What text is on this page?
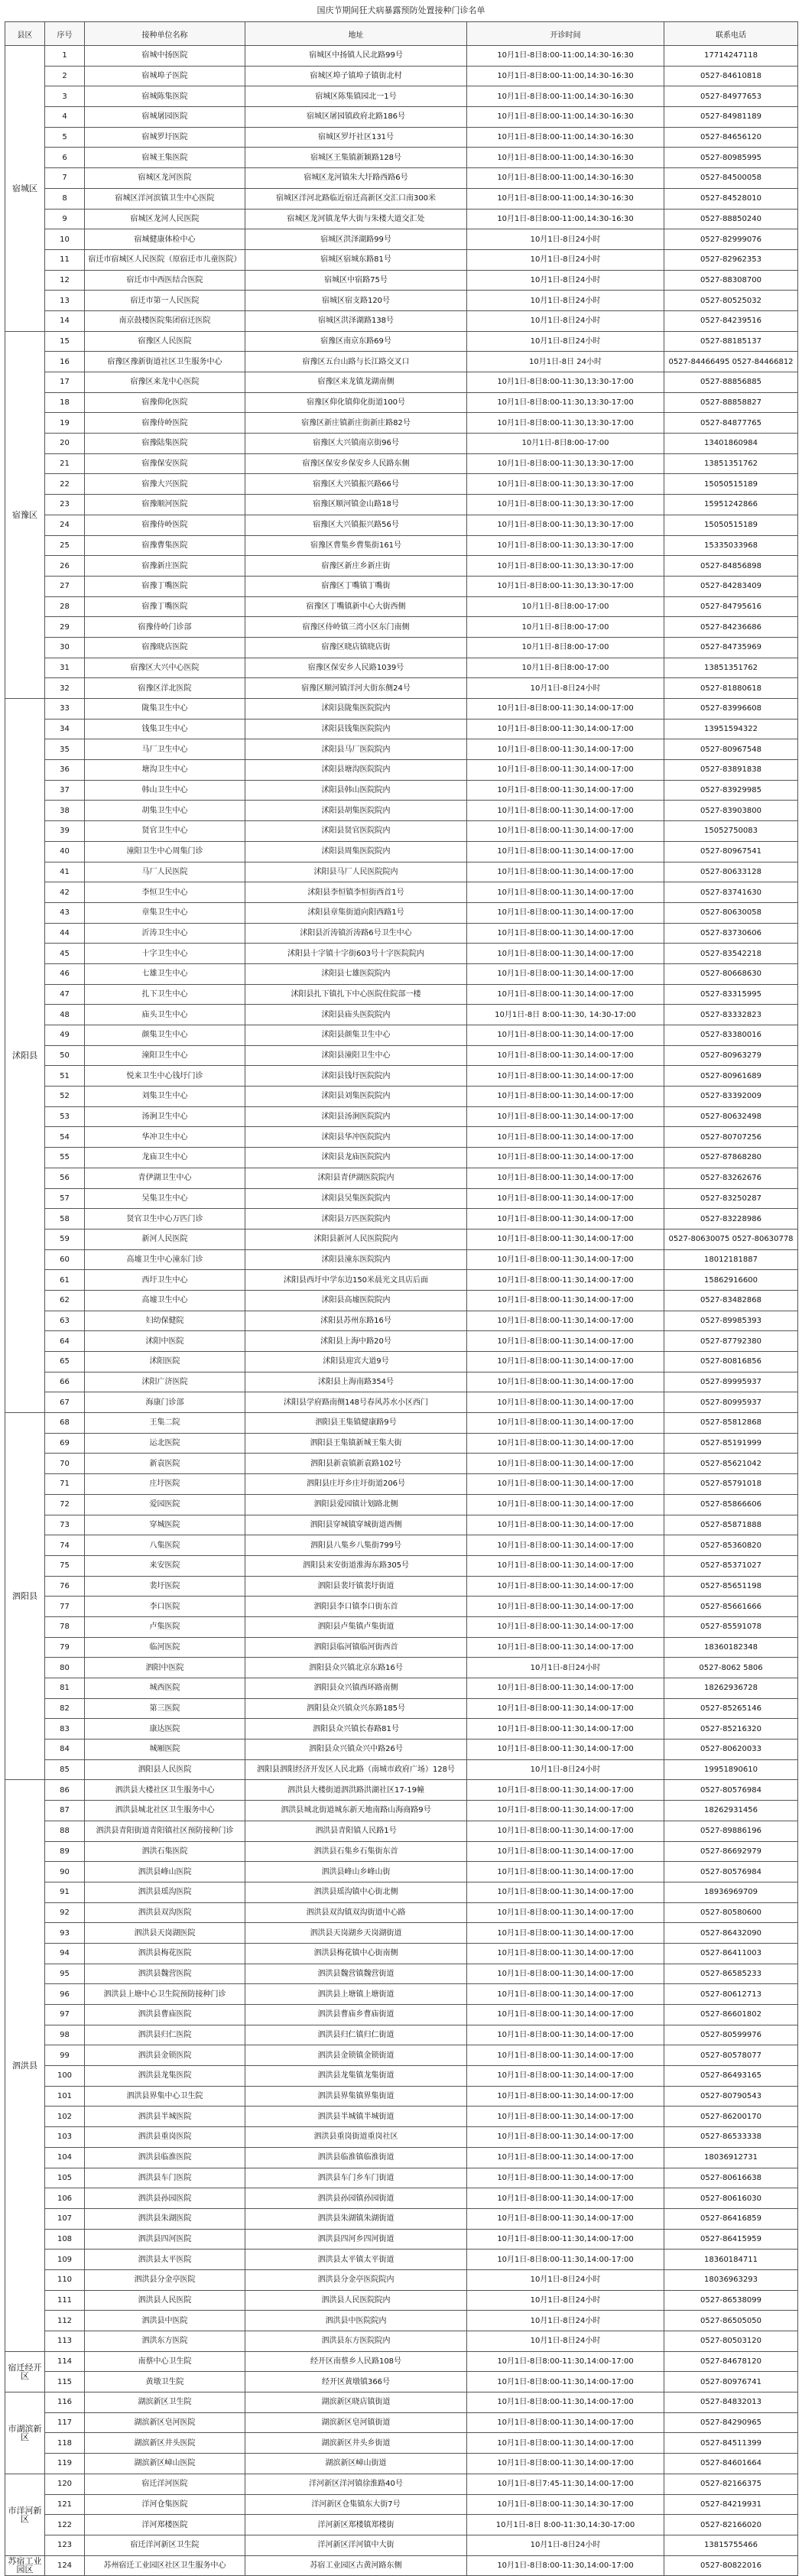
国庆节期间狂犬病暴露预防处置接种门诊名单
县区	序号	接种单位名称	地址	开诊时间	联系电话
宿城区	1	宿城中扬医院	宿城区中扬镇人民北路99号	10月1日-8日8:00-11:00,14:30-16:30	17714247118
	2	宿城埠子医院	宿城区埠子镇埠子镇街北村	10月1日-8日8:00-11:00,14:30-16:30	0527-84610818
	3	宿城陈集医院	宿城区陈集镇园北一1号	10月1日-8日8:00-11:00,14:30-16:30	0527-84977653
	4	宿城屠园医院	宿城区屠园镇政府北路186号	10月1日-8日8:00-11:00,14:30-16:30	0527-84981189
	5	宿城罗圩医院	宿城区罗圩社区131号	10月1日-8日8:00-11:00,14:30-16:30	0527-84656120
	6	宿城王集医院	宿城区王集镇新颖路128号	10月1日-8日8:00-11:00,14:30-16:30	0527-80985995
	7	宿城区龙河医院	宿城区龙河镇朱大圩路西路6号	10月1日-8日8:00-11:00,14:30-16:30	0527-84500058
	8	宿城区洋河滨镇卫生中心医院	宿城区洋河北路临近宿迁高新区交汇口南300米	10月1日-8日8:00-11:00,14:30-16:30	0527-84528010
	9	宿城区龙河人民医院	宿城区龙河镇龙华大街与朱楼大道交汇处	10月1日-8日8:00-11:00,14:30-16:30	0527-88850240
	10	宿城健康体检中心	宿城区洪泽湖路99号	10月1日-8日24小时	0527-82999076
	11	宿迁市宿城区人民医院（原宿迁市儿童医院）	宿城区宿城东路81号	10月1日-8日24小时	0527-82962353
	12	宿迁市中西医结合医院	宿城区中宿路75号	10月1日-8日24小时	0527-88308700
	13	宿迁市第一人民医院	宿城区宿支路120号	10月1日-8日24小时	0527-80525032
	14	南京鼓楼医院集团宿迁医院	宿城区洪泽湖路138号	10月1日-8日24小时	0527-84239516
宿豫区	15	宿豫区人民医院	宿豫区南京东路69号	10月1日-8日24小时	0527-88185137
	16	宿豫区豫新街道社区卫生服务中心	宿豫区五台山路与长江路交叉口	10月1日-8日 24小时	0527-84466495 0527-84466812
	17	宿豫区来龙中心医院	宿豫区来龙镇龙湖南侧	10月1日-8日8:00-11:30,13:30-17:00	0527-88856885
	18	宿豫仰化医院	宿豫区仰化镇仰化街道100号	10月1日-8日8:00-11:30,13:30-17:00	0527-88858827
	19	宿豫侍岭医院	宿豫区新庄镇新庄街新庄路82号	10月1日-8日8:00-11:30,13:30-17:00	0527-84877765
	20	宿豫陆集医院	宿豫区大兴镇南京街96号	10月1日-8日8:00-17:00	13401860984
	21	宿豫保安医院	宿豫区保安乡保安乡人民路东侧	10月1日-8日8:00-11:30,13:30-17:00	13851351762
	22	宿豫大兴医院	宿豫区大兴镇振兴路66号	10月1日-8日8:00-11:30,13:30-17:00	15050515189
	23	宿豫顺河医院	宿豫区顺河镇金山路18号	10月1日-8日8:00-11:30,13:30-17:00	15951242866
	24	宿豫侍岭医院	宿豫区大兴镇振兴路56号	10月1日-8日8:00-11:30,13:30-17:00	15050515189
	25	宿豫曹集医院	宿豫区曹集乡曹集街161号	10月1日-8日8:00-11:30,13:30-17:00	15335033968
	26	宿豫新庄医院	宿豫区新庄乡新庄街	10月1日-8日8:00-11:30,13:30-17:00	0527-84856898
	27	宿豫丁嘴医院	宿豫区丁嘴镇丁嘴街	10月1日-8日8:00-11:30,13:30-17:00	0527-84283409
	28	宿豫丁嘴医院	宿豫区丁嘴镇新中心大街西侧	10月1日-8日8:00-17:00	0527-84795616
	29	宿豫侍岭门诊部	宿豫区侍岭镇三湾小区东门南侧	10月1日-8日8:00-17:00	0527-84236686
	30	宿豫晓店医院	宿豫区晓店镇晓店街	10月1日-8日8:00-17:00	0527-84735969
	31	宿豫区大兴中心医院	宿豫区保安乡人民路1039号	10月1日-8日8:00-17:00	13851351762
	32	宿豫区洋北医院	宿豫区顺河镇洋河大街东侧24号	10月1日-8日24小时	0527-81880618
沭阳县	33	陇集卫生中心	沭阳县陇集医院院内	10月1日-8日8:00-11:30,14:00-17:00	0527-83996608
	34	钱集卫生中心	沭阳县钱集医院院内	10月1日-8日8:00-11:30,14:00-17:00	13951594322
	35	马厂卫生中心	沭阳县马厂医院院内	10月1日-8日8:00-11:30,14:00-17:00	0527-80967548
	36	塘沟卫生中心	沭阳县塘沟医院院内	10月1日-8日8:00-11:30,14:00-17:00	0527-83891838
	37	韩山卫生中心	沭阳县韩山医院院内	10月1日-8日8:00-11:30,14:00-17:00	0527-83929985
	38	胡集卫生中心	沭阳县胡集医院院内	10月1日-8日8:00-11:30,14:00-17:00	0527-83903800
	39	贤官卫生中心	沭阳县贤官医院院内	10月1日-8日8:00-11:30,14:00-17:00	15052750083
	40	潼阳卫生中心周集门诊	沭阳县周集医院院内	10月1日-8日8:00-11:30,14:00-17:00	0527-80967541
	41	马厂人民医院	沭阳县马厂人民医院院内	10月1日-8日8:00-11:30,14:00-17:00	0527-80633128
	42	李恒卫生中心	沭阳县李恒镇李恒街西首1号	10月1日-8日8:00-11:30,14:00-17:00	0527-83741630
	43	章集卫生中心	沭阳县章集街道向阳西路1号	10月1日-8日8:00-11:30,14:00-17:00	0527-80630058
	44	沂涛卫生中心	沭阳县沂涛镇沂涛路6号卫生中心	10月1日-8日8:00-11:30,14:00-17:00	0527-83730606
	45	十字卫生中心	沭阳县十字镇十字街603号十字医院院内	10月1日-8日8:00-11:30,14:00-17:00	0527-83542218
	46	七雄卫生中心	沭阳县七雄医院院内	10月1日-8日8:00-11:30,14:00-17:00	0527-80668630
	47	扎下卫生中心	沭阳县扎下镇扎下中心医院住院部一楼	10月1日-8日8:00-11:30,14:00-17:00	0527-83315995
	48	庙头卫生中心	沭阳县庙头医院院内	10月1日-8日 8:00-11:30, 14:30-17:00	0527-83332823
	49	颜集卫生中心	沭阳县颜集卫生中心	10月1日-8日8:00-11:30,14:00-17:00	0527-83380016
	50	潼阳卫生中心	沭阳县潼阳卫生中心	10月1日-8日8:00-11:30,14:00-17:00	0527-80963279
	51	悦来卫生中心钱圩门诊	沭阳县钱圩医院院内	10月1日-8日8:00-11:30,14:00-17:00	0527-80961689
	52	刘集卫生中心	沭阳县刘集医院院内	10月1日-8日8:00-11:30,14:00-17:00	0527-83392009
	53	汤涧卫生中心	沭阳县汤涧医院院内	10月1日-8日8:00-11:30,14:00-17:00	0527-80632498
	54	华冲卫生中心	沭阳县华冲医院院内	10月1日-8日8:00-11:30,14:00-17:00	0527-80707256
	55	龙庙卫生中心	沭阳县龙庙医院院内	10月1日-8日8:00-11:30,14:00-17:00	0527-87868280
	56	青伊湖卫生中心	沭阳县青伊湖医院院内	10月1日-8日8:00-11:30,14:00-17:00	0527-83262676
	57	吴集卫生中心	沭阳县吴集医院院内	10月1日-8日8:00-11:30,14:00-17:00	0527-83250287
	58	贤官卫生中心万匹门诊	沭阳县万匹医院院内	10月1日-8日8:00-11:30,14:00-17:00	0527-83228986
	59	新河人民医院	沭阳县新河人民医院院内	10月1日-8日8:00-11:30,14:00-17:00	0527-80630075 0527-80630778
	60	高墟卫生中心潼东门诊	沭阳县潼东医院院内	10月1日-8日8:00-11:30,14:00-17:00	18012181887
	61	西圩卫生中心	沭阳县西圩中学东边150米晨光文具店后面	10月1日-8日8:00-11:30,14:00-17:00	15862916600
	62	高墟卫生中心	沭阳县高墟医院院内	10月1日-8日8:00-11:30,14:00-17:00	0527-83482868
	63	妇幼保健院	沭阳县苏州东路16号	10月1日-8日8:00-11:30,14:00-17:00	0527-89985393
	64	沭阳中医院	沭阳县上海中路20号	10月1日-8日8:00-11:30,14:00-17:00	0527-87792380
	65	沭阳医院	沭阳县迎宾大道9号	10月1日-8日8:00-11:30,14:00-17:00	0527-80816856
	66	沭阳广济医院	沭阳县上海南路354号	10月1日-8日8:00-11:30,14:00-17:00	0527-89995937
	67	海康门诊部	沭阳县学府路南侧148号春风苏水小区西门	10月1日-8日8:00-11:30,14:00-17:00	0527-80995937
泗阳县	68	王集二院	泗阳县王集镇健康路9号	10月1日-8日8:00-11:30,14:00-17:00	0527-85812868
	69	运北医院	泗阳县王集镇新城王集大街	10月1日-8日8:00-11:30,14:00-17:00	0527-85191999
	70	新袁医院	泗阳县新袁镇新袁路102号	10月1日-8日8:00-11:30,14:00-17:00	0527-85621042
	71	庄圩医院	泗阳县庄圩乡庄圩街道206号	10月1日-8日8:00-11:30,14:00-17:00	0527-85791018
	72	爱园医院	泗阳县爱园镇计划路北侧	10月1日-8日8:00-11:30,14:00-17:00	0527-85866606
	73	穿城医院	泗阳县穿城镇穿城街道西侧	10月1日-8日8:00-11:30,14:00-17:00	0527-85871888
	74	八集医院	泗阳县八集乡八集街799号	10月1日-8日8:00-11:30,14:00-17:00	0527-85360820
	75	来安医院	泗阳县来安街道淮海东路305号	10月1日-8日8:00-11:30,14:00-17:00	0527-85371027
	76	裴圩医院	泗阳县裴圩镇裴圩街道	10月1日-8日8:00-11:30,14:00-17:00	0527-85651198
	77	李口医院	泗阳县李口镇李口街东首	10月1日-8日8:00-11:30,14:00-17:00	0527-85661666
	78	卢集医院	泗阳县卢集镇卢集街道	10月1日-8日8:00-11:30,14:00-17:00	0527-85591078
	79	临河医院	泗阳县临河镇临河街西首	10月1日-8日8:00-11:30,14:00-17:00	18360182348
	80	泗阳中医院	泗阳县众兴镇北京东路16号	10月1日-8日24小时	0527-8062 5806
	81	城西医院	泗阳县众兴镇西环路南侧	10月1日-8日8:00-11:30,14:00-17:00	18262936728
	82	第三医院	泗阳县众兴镇众兴东路185号	10月1日-8日8:00-11:30,14:00-17:00	0527-85265146
	83	康达医院	泗阳县众兴镇长春路81号	10月1日-8日8:00-11:30,14:00-17:00	0527-85216320
	84	城厢医院	泗阳县众兴镇众兴中路26号	10月1日-8日8:00-11:30,14:00-17:00	0527-80620033
	85	泗阳县人民医院	泗阳县泗阳经济开发区人民北路（南城市政府广场）128号	10月1日-8日24小时	19951890610
泗洪县	86	泗洪县大楼社区卫生服务中心	泗洪县大楼街道泗洪路洪湖社区17-19幢	10月1日-8日8:00-11:30,14:00-17:00	0527-80576984
	87	泗洪县城北社区卫生服务中心	泗洪县城北街道城东新天地南路山海商路9号	10月1日-8日8:00-11:30,14:00-17:00	18262931456
	88	泗洪县青阳街道青阳镇社区预防接种门诊	泗洪县青阳镇人民路1号	10月1日-8日8:00-11:30,14:00-17:00	0527-89886196
	89	泗洪石集医院	泗洪县石集乡石集街东首	10月1日-8日8:00-11:30,14:00-17:00	0527-86692979
	90	泗洪县峰山医院	泗洪县峰山乡峰山街	10月1日-8日8:00-11:30,14:00-17:00	0527-80576984
	91	泗洪县瑶沟医院	泗洪县瑶沟镇中心街北侧	10月1日-8日8:00-11:30,14:00-17:00	18936969709
	92	泗洪县双沟医院	泗洪县双沟镇双沟街道中心路	10月1日-8日8:00-11:30,14:00-17:00	0527-80580600
	93	泗洪县天岗湖医院	泗洪县天岗湖乡天岗湖街道	10月1日-8日8:00-11:30,14:00-17:00	0527-86432090
	94	泗洪县梅花医院	泗洪县梅花镇中心街南侧	10月1日-8日8:00-11:30,14:00-17:00	0527-86411003
	95	泗洪县魏营医院	泗洪县魏营镇魏营街道	10月1日-8日8:00-11:30,14:00-17:00	0527-86585233
	96	泗洪县上塘中心卫生院预防接种门诊	泗洪县上塘镇上塘街道	10月1日-8日8:00-11:30,14:00-17:00	0527-80612713
	97	泗洪县曹庙医院	泗洪县曹庙乡曹庙街道	10月1日-8日8:00-11:30,14:00-17:00	0527-86601802
	98	泗洪县归仁医院	泗洪县归仁镇归仁街道	10月1日-8日8:00-11:30,14:00-17:00	0527-80599976
	99	泗洪县金锁医院	泗洪县金锁镇金锁街道	10月1日-8日8:00-11:30,14:00-17:00	0527-80578077
	100	泗洪县龙集医院	泗洪县龙集镇龙集街道	10月1日-8日8:00-11:30,14:00-17:00	0527-86493165
	101	泗洪县界集中心卫生院	泗洪县界集镇界集街道	10月1日-8日8:00-11:30,14:00-17:00	0527-80790543
	102	泗洪县半城医院	泗洪县半城镇半城街道	10月1日-8日8:00-11:30,14:00-17:00	0527-86200170
	103	泗洪县重岗医院	泗洪县重岗街道重岗社区	10月1日-8日8:00-11:30,14:00-17:00	0527-86533338
	104	泗洪县临淮医院	泗洪县临淮镇临淮街道	10月1日-8日8:00-11:30,14:00-17:00	18036912731
	105	泗洪县车门医院	泗洪县车门乡车门街道	10月1日-8日8:00-11:30,14:00-17:00	0527-80616638
	106	泗洪县孙园医院	泗洪县孙园镇孙园街道	10月1日-8日8:00-11:30,14:00-17:00	0527-80616030
	107	泗洪县朱湖医院	泗洪县朱湖镇朱湖街道	10月1日-8日8:00-11:30,14:00-17:00	0527-86416859
	108	泗洪县四河医院	泗洪县四河乡四河街道	10月1日-8日8:00-11:30,14:00-17:00	0527-86415959
	109	泗洪县太平医院	泗洪县太平镇太平街道	10月1日-8日8:00-11:30,14:00-17:00	18360184711
	110	泗洪县分金亭医院	泗洪县分金亭医院院内	10月1日-8日24小时	18036963293
	111	泗洪县人民医院	泗洪县人民医院院内	10月1日-8日24小时	0527-86538099
	112	泗洪县中医院	泗洪县中医院院内	10月1日-8日24小时	0527-86505050
	113	泗洪东方医院	泗洪县东方医院院内	10月1日-8日24小时	0527-80503120
宿迁经开区	114	南蔡中心卫生院	经开区南蔡乡人民路108号	10月1日-8日8:00-11:30,14:00-17:00	0527-84678120
	115	黄墩卫生院	经开区黄墩镇366号	10月1日-8日8:00-11:30,14:00-17:00	0527-80976741
市湖滨新区	116	湖滨新区卫生院	湖滨新区晓店镇街道	10月1日-8日8:00-11:30,14:00-17:00	0527-84832013
	117	湖滨新区皂河医院	湖滨新区皂河镇街道	10月1日-8日8:00-11:30,14:00-17:00	0527-84290965
	118	湖滨新区井头医院	湖滨新区井头乡街道	10月1日-8日8:00-11:30,14:00-17:00	0527-84511399
	119	湖滨新区嶂山医院	湖滨新区嶂山街道	10月1日-8日8:00-11:30,14:00-17:00	0527-84601664
市洋河新区	120	宿迁洋河医院	洋河新区洋河镇徐淮路40号	10月1日-8日7:45-11:30,14:00-17:00	0527-82166375
	121	洋河仓集医院	洋河新区仓集镇东大街7号	10月1日-8日8:00-11:30,14:30-17:00	0527-84219931
	122	洋河郑楼医院	洋河新区郑楼镇郑楼街	10月1日-8日 8:00-11:30,14:30-17:00	0527-82166020
	123	宿迁洋河新区卫生院	洋河新区洋河镇中大街	10月1日-8日24小时	13815755466
苏宿工业园区	124	苏州宿迁工业园区社区卫生服务中心	苏宿工业园区古黄河路东侧	10月1日-8日8:00-11:30,14:00-17:00	0527-80822016
